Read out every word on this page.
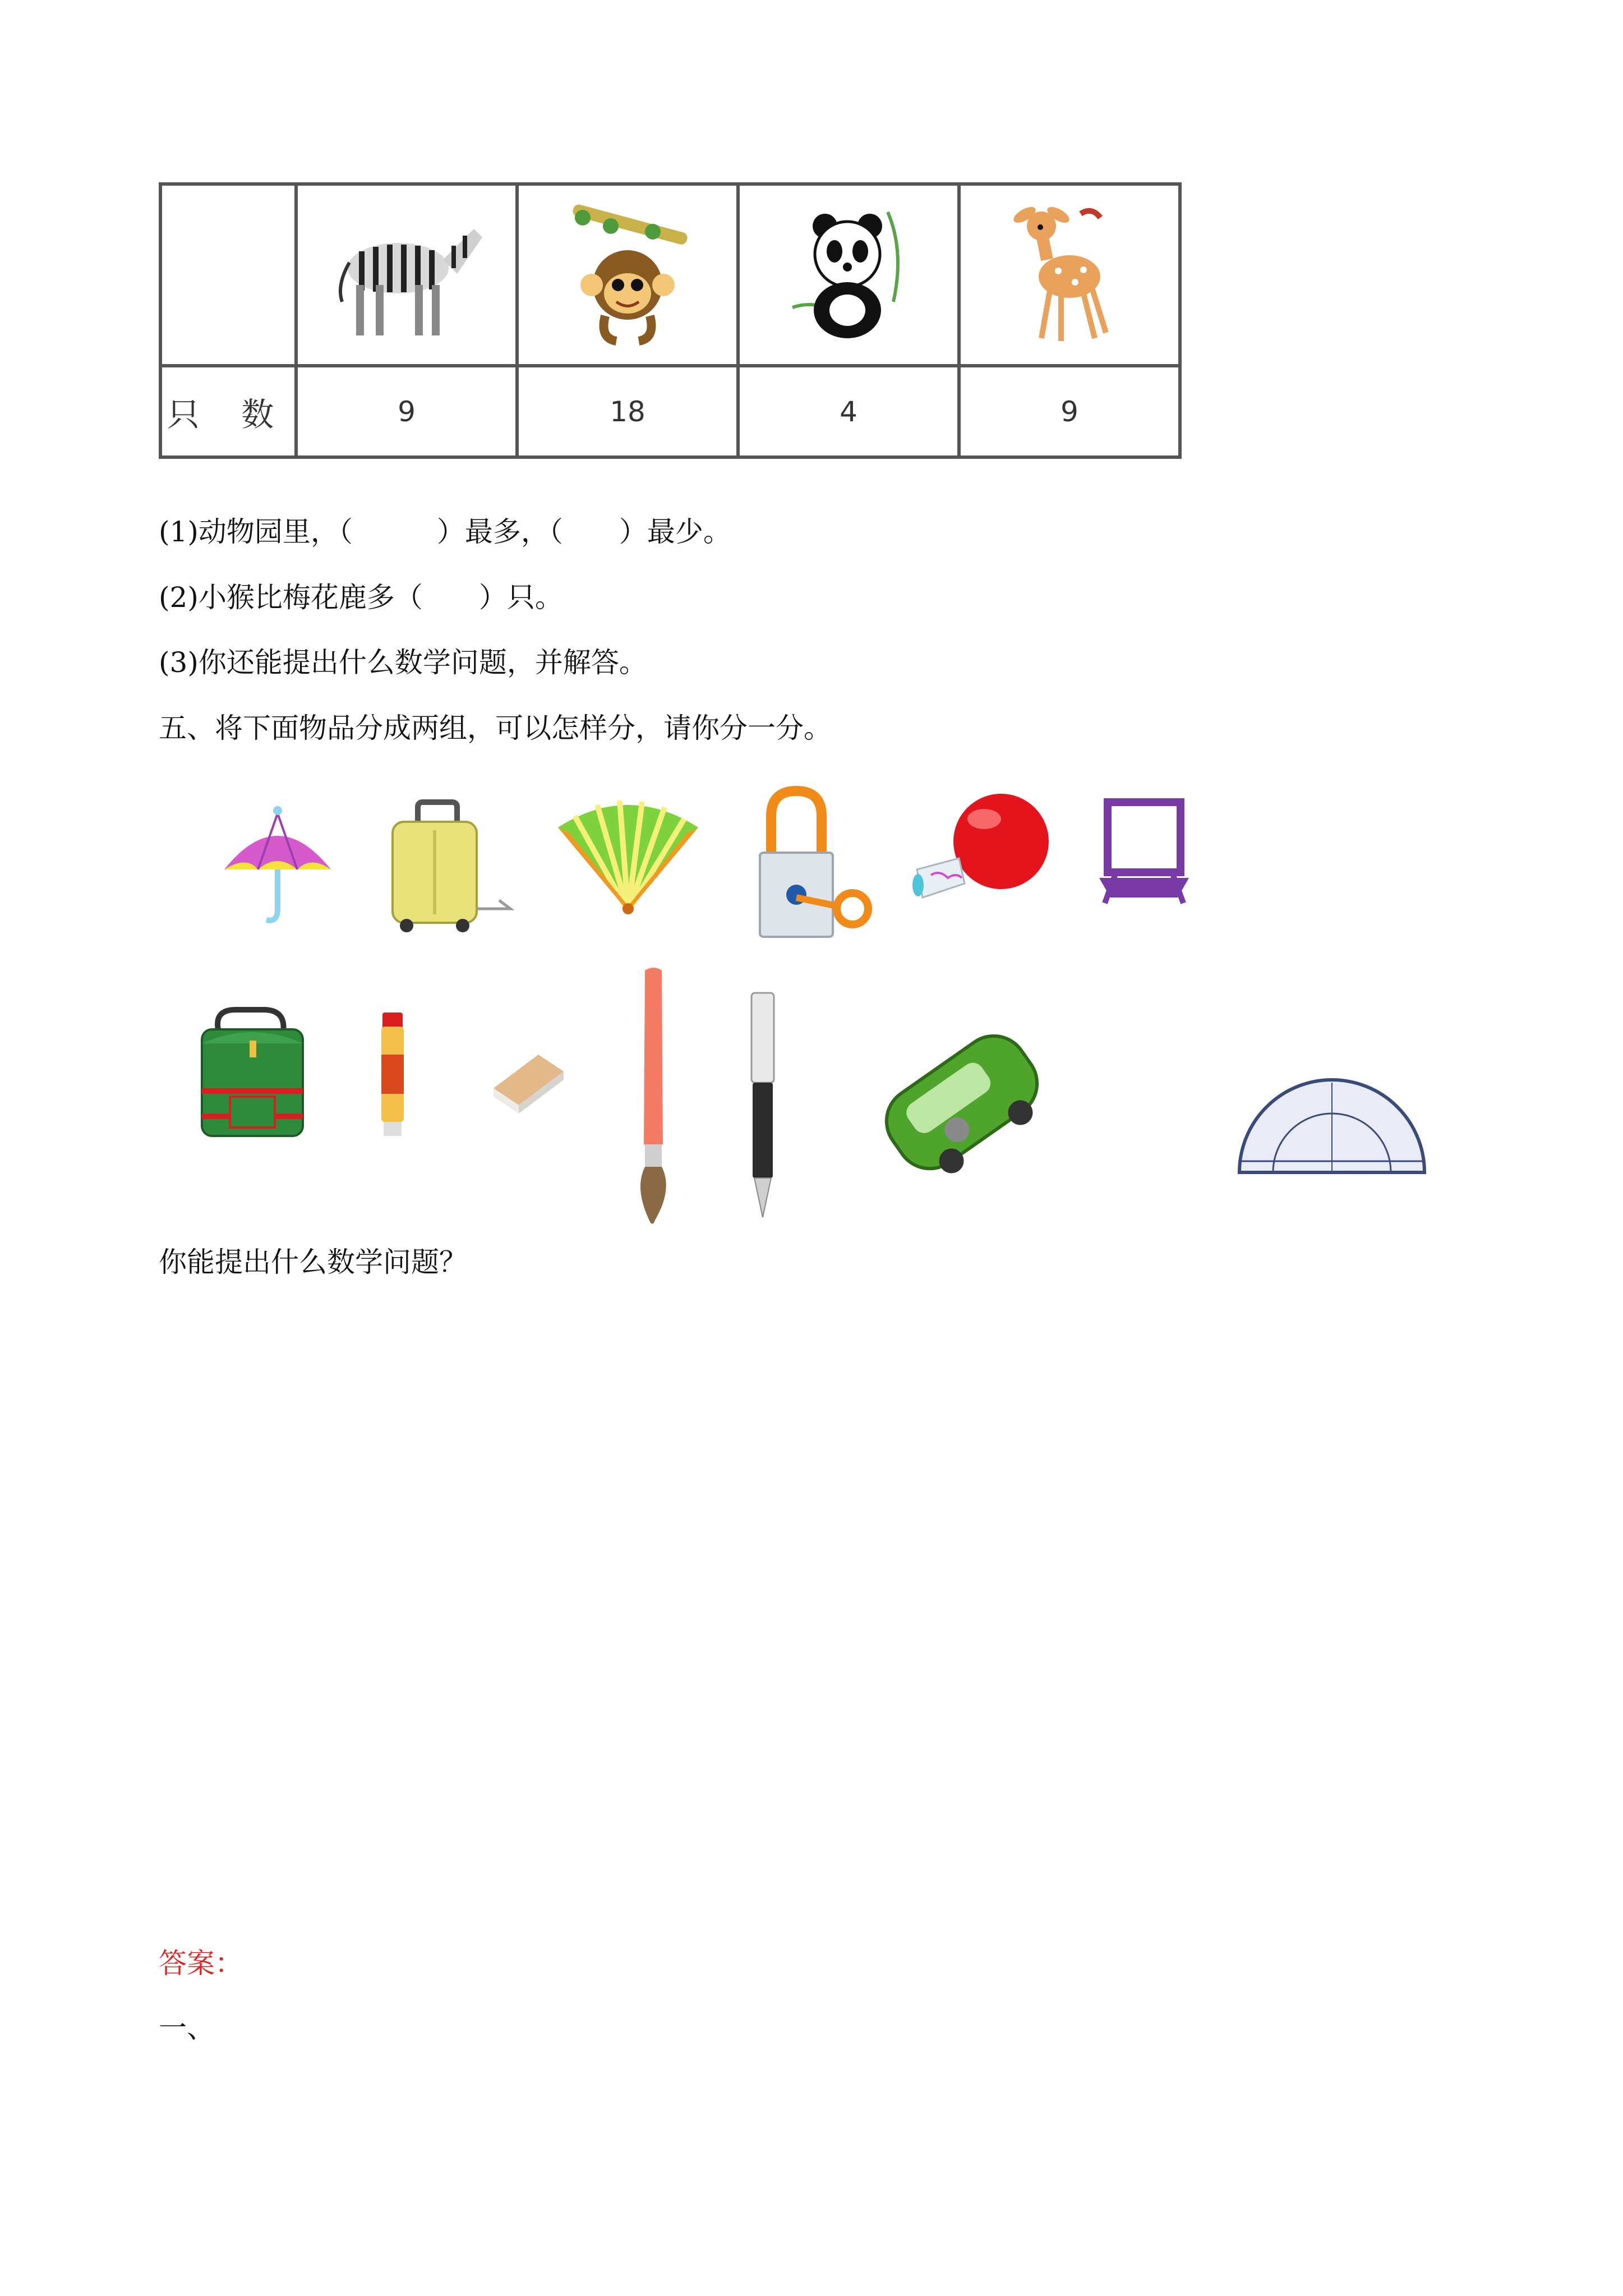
只 数	9	18	4	9
(1)动物园里，（　　　）最多，（　　）最少。
(2)小猴比梅花鹿多（　　）只。
(3)你还能提出什么数学问题，并解答。
五、将下面物品分成两组，可以怎样分，请你分一分。
你能提出什么数学问题？
答案：
一、
